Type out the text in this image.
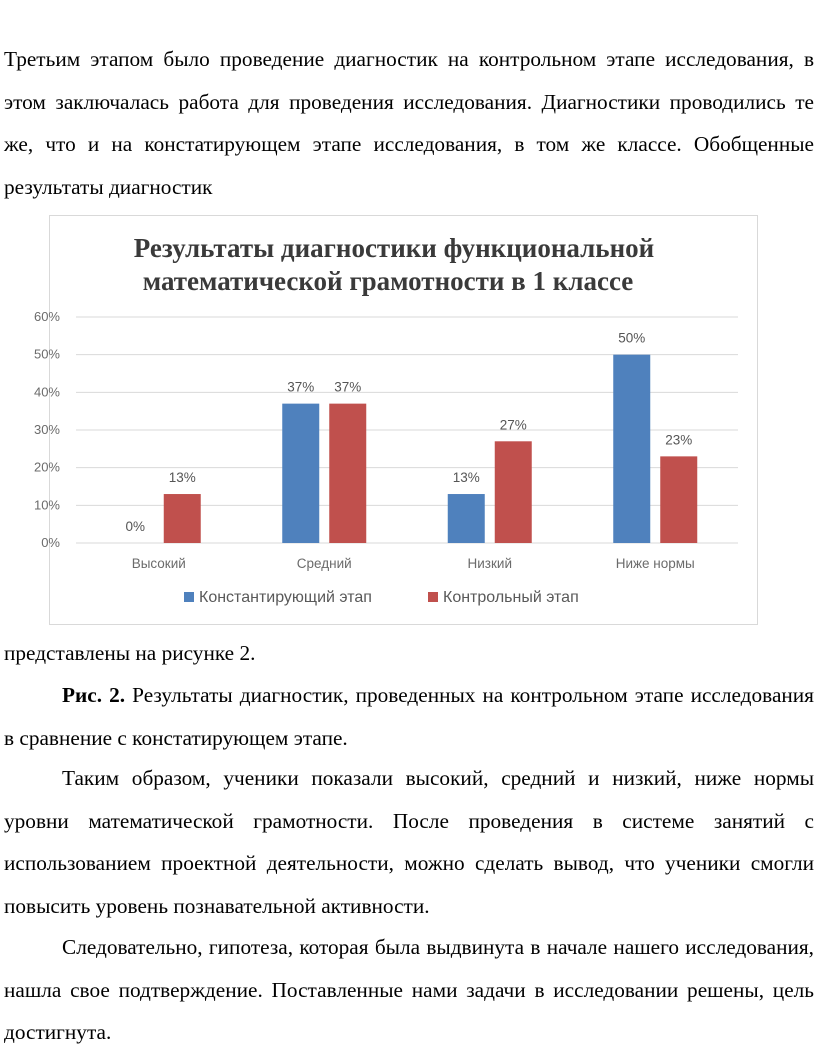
Третьим этапом было проведение диагностик на контрольном этапе исследования, в этом заключалась работа для проведения исследования. Диагностики проводились те же, что и на констатирующем этапе исследования, в том же классе. Обобщенные результаты диагностик

Результаты диагностики функциональной
математической грамотности в 1 классе
0%
10%
20%
30%
40%
50%
60%
0%
13%
Высокий
37% 37%
Средний
13%
27%
Низкий
50%
23%
Ниже нормы
Константирующий этап	Контрольный этап

представлены на рисунке 2.

Рис. 2. Результаты диагностик, проведенных на контрольном этапе исследования в сравнение с констатирующем этапе.

Таким образом, ученики показали высокий, средний и низкий, ниже нормы уровни математической грамотности. После проведения в системе занятий с использованием проектной деятельности, можно сделать вывод, что ученики смогли повысить уровень познавательной активности.

Следовательно, гипотеза, которая была выдвинута в начале нашего исследования, нашла свое подтверждение. Поставленные нами задачи в исследовании решены, цель достигнута.
